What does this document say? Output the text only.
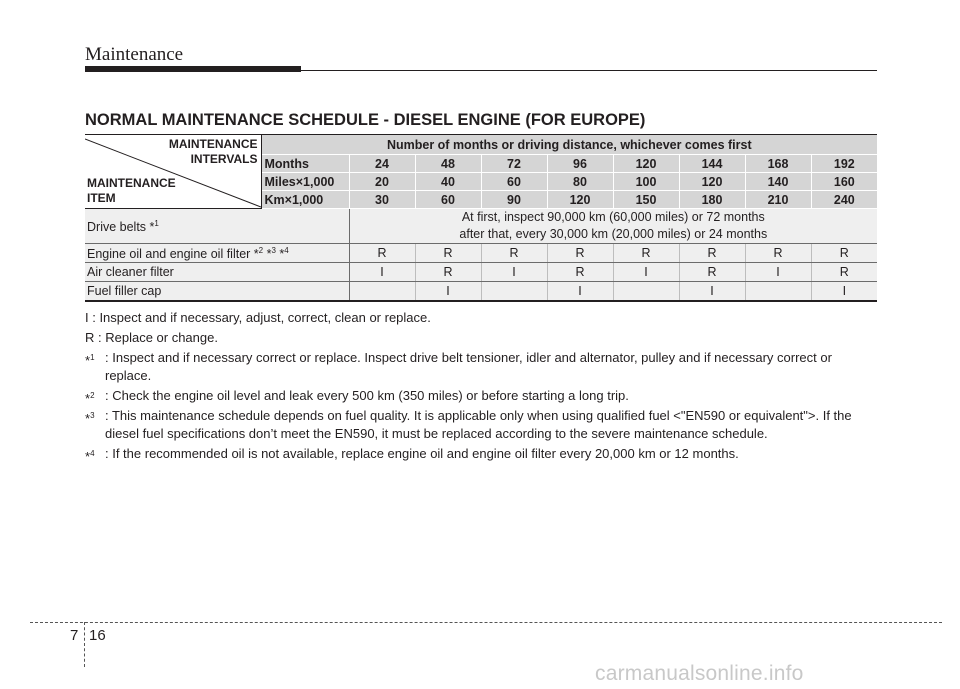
Maintenance
NORMAL MAINTENANCE SCHEDULE - DIESEL ENGINE (FOR EUROPE)
MAINTENANCE
INTERVALS
MAINTENANCE
ITEM	Number of months or driving distance, whichever comes first								
	Months	24	48	72	96	120	144	168	192
	Miles×1,000	20	40	60	80	100	120	140	160
	Km×1,000	30	60	90	120	150	180	210	240
Drive belts *$^1$		At first, inspect 90,000 km (60,000 miles) or 72 months
after that, every 30,000 km (20,000 miles) or 24 months							

Engine oil and engine oil filter *$^2$ *$^3$ *$^4$		R	R	R	R	R	R	R	R
Air cleaner filter		I	R	I	R	I	R	I	R
Fuel filler cap			I		I		I		I
I : Inspect and if necessary, adjust, correct, clean or replace.
R : Replace or change.
*$^1$ : Inspect and if necessary correct or replace. Inspect drive belt tensioner, idler and alternator, pulley and if necessary correct or replace.
*$^2$ : Check the engine oil level and leak every 500 km (350 miles) or before starting a long trip.
*$^3$ : This maintenance schedule depends on fuel quality. It is applicable only when using qualified fuel <"EN590 or equivalent">. If the diesel fuel specifications don’t meet the EN590, it must be replaced according to the severe maintenance schedule.
*$^4$ : If the recommended oil is not available, replace engine oil and engine oil filter every 20,000 km or 12 months.
7 16
carmanualsonline.info
